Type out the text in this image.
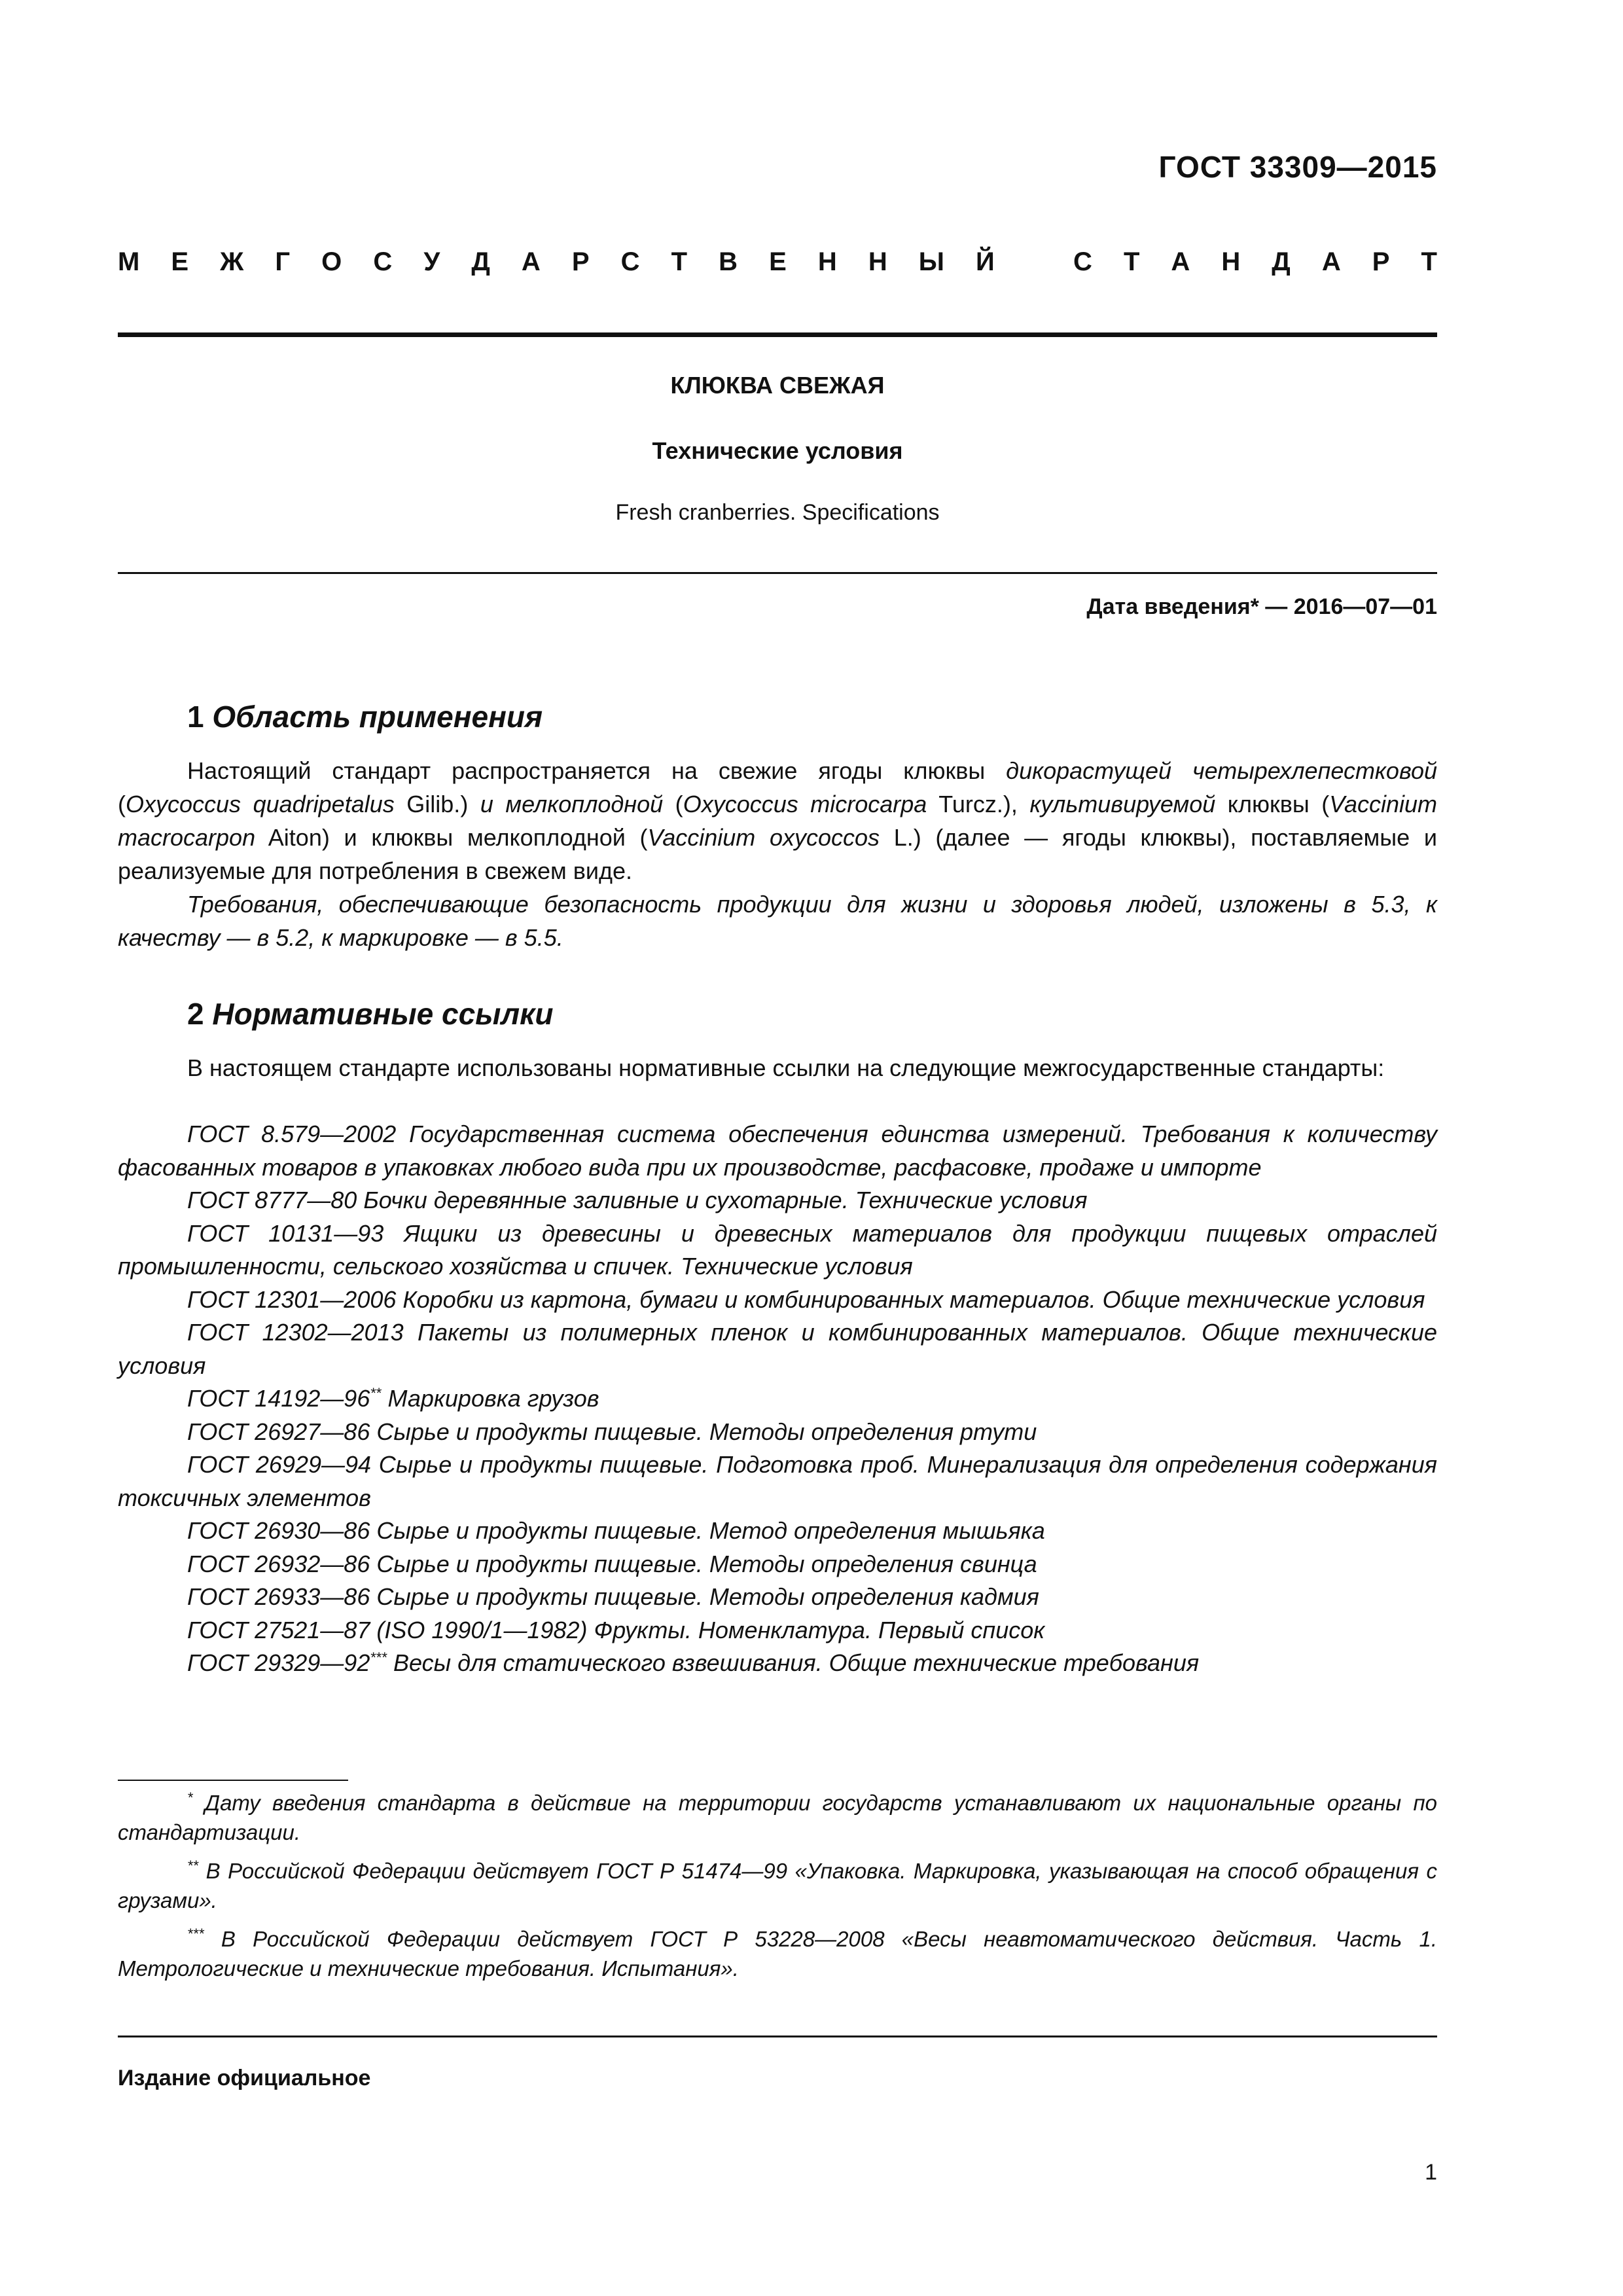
ГОСТ 33309—2015
М Е Ж Г О С У Д А Р С Т В Е Н Н Ы Й	С Т А Н Д А Р Т
КЛЮКВА СВЕЖАЯ
Технические условия
Fresh cranberries. Specifications
Дата введения* — 2016—07—01
1 Область применения

Настоящий стандарт распространяется на свежие ягоды клюквы дикорастущей четырехлепестковой (Oxycoccus quadripetalus Gilib.) и мелкоплодной (Oxycoccus microcarpa Turcz.), культивируемой клюквы (Vaccinium macrocarpon Aiton) и клюквы мелкоплодной (Vaccinium oxycoccos L.) (далее — ягоды клюквы), поставляемые и реализуемые для потребления в свежем виде.

Требования, обеспечивающие безопасность продукции для жизни и здоровья людей, изложены в 5.3, к качеству — в 5.2, к маркировке — в 5.5.

2 Нормативные ссылки

В настоящем стандарте использованы нормативные ссылки на следующие межгосударственные стандарты:

ГОСТ 8.579—2002 Государственная система обеспечения единства измерений. Требования к количеству фасованных товаров в упаковках любого вида при их производстве, расфасовке, продаже и импорте
ГОСТ 8777—80 Бочки деревянные заливные и сухотарные. Технические условия
ГОСТ 10131—93 Ящики из древесины и древесных материалов для продукции пищевых отраслей промышленности, сельского хозяйства и спичек. Технические условия
ГОСТ 12301—2006 Коробки из картона, бумаги и комбинированных материалов. Общие технические условия
ГОСТ 12302—2013 Пакеты из полимерных пленок и комбинированных материалов. Общие технические условия
ГОСТ 14192—96** Маркировка грузов
ГОСТ 26927—86 Сырье и продукты пищевые. Методы определения ртути
ГОСТ 26929—94 Сырье и продукты пищевые. Подготовка проб. Минерализация для определения содержания токсичных элементов
ГОСТ 26930—86 Сырье и продукты пищевые. Метод определения мышьяка
ГОСТ 26932—86 Сырье и продукты пищевые. Методы определения свинца
ГОСТ 26933—86 Сырье и продукты пищевые. Методы определения кадмия
ГОСТ 27521—87 (ISO 1990/1—1982) Фрукты. Номенклатура. Первый список
ГОСТ 29329—92*** Весы для статического взвешивания. Общие технические требования
* Дату введения стандарта в действие на территории государств устанавливают их национальные органы по стандартизации.
** В Российской Федерации действует ГОСТ Р 51474—99 «Упаковка. Маркировка, указывающая на способ обращения с грузами».
*** В Российской Федерации действует ГОСТ Р 53228—2008 «Весы неавтоматического действия. Часть 1. Метрологические и технические требования. Испытания».
Издание официальное
1
